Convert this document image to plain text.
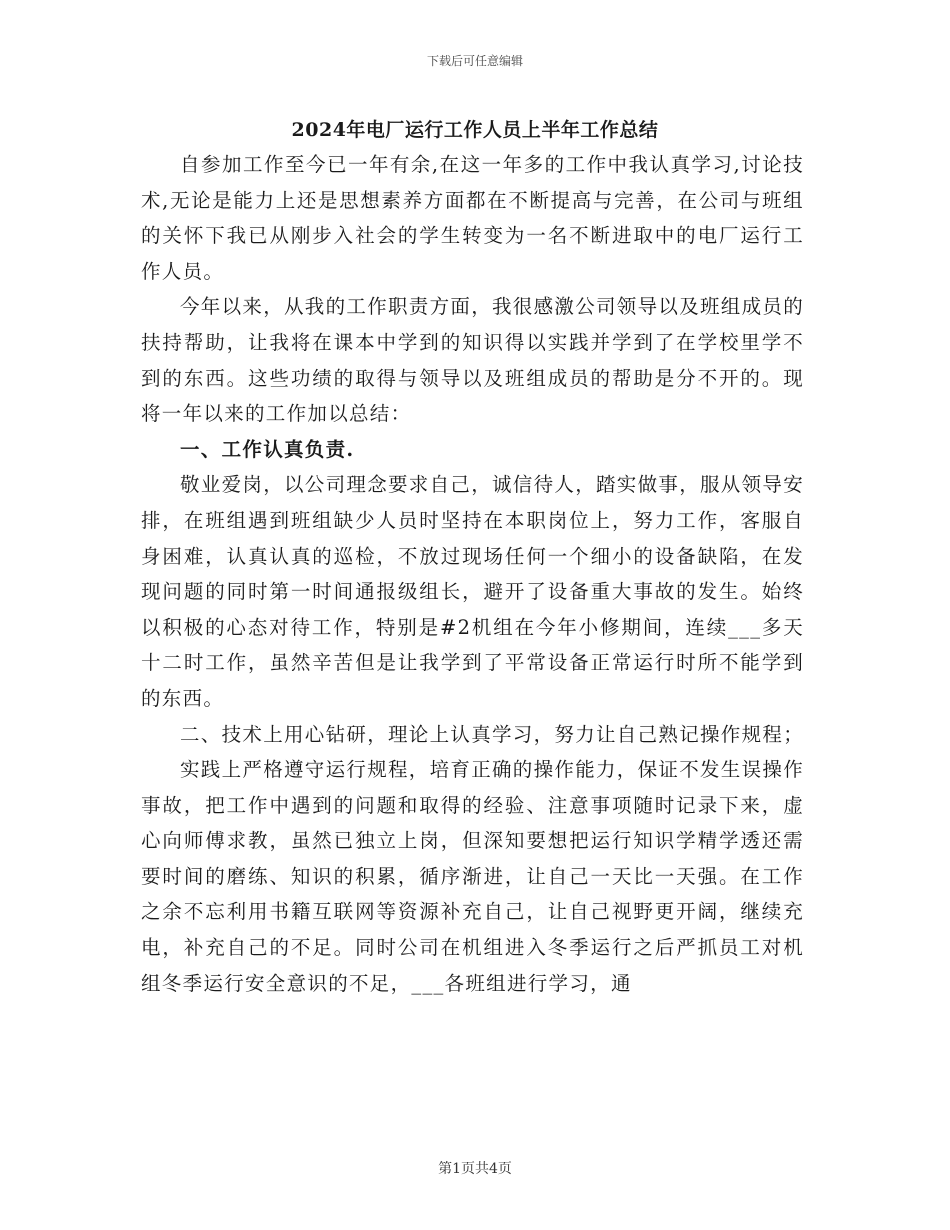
下载后可任意编辑
2024年电厂运行工作人员上半年工作总结

自参加工作至今已一年有余,在这一年多的工作中我认真学习,讨论技术,无论是能力上还是思想素养方面都在不断提高与完善，在公司与班组的关怀下我已从刚步入社会的学生转变为一名不断进取中的电厂运行工作人员。

今年以来，从我的工作职责方面，我很感激公司领导以及班组成员的扶持帮助，让我将在课本中学到的知识得以实践并学到了在学校里学不到的东西。这些功绩的取得与领导以及班组成员的帮助是分不开的。现将一年以来的工作加以总结：

一、工作认真负责.

敬业爱岗，以公司理念要求自己，诚信待人，踏实做事，服从领导安排，在班组遇到班组缺少人员时坚持在本职岗位上，努力工作，客服自身困难，认真认真的巡检，不放过现场任何一个细小的设备缺陷，在发现问题的同时第一时间通报级组长，避开了设备重大事故的发生。始终以积极的心态对待工作，特别是#2机组在今年小修期间，连续___多天十二时工作，虽然辛苦但是让我学到了平常设备正常运行时所不能学到的东西。

二、技术上用心钻研，理论上认真学习，努力让自己熟记操作规程；

实践上严格遵守运行规程，培育正确的操作能力，保证不发生误操作事故，把工作中遇到的问题和取得的经验、注意事项随时记录下来，虚心向师傅求教，虽然已独立上岗，但深知要想把运行知识学精学透还需要时间的磨练、知识的积累，循序渐进，让自己一天比一天强。在工作之余不忘利用书籍互联网等资源补充自己，让自己视野更开阔，继续充电，补充自己的不足。同时公司在机组进入冬季运行之后严抓员工对机组冬季运行安全意识的不足，___各班组进行学习，通

第1页共4页
